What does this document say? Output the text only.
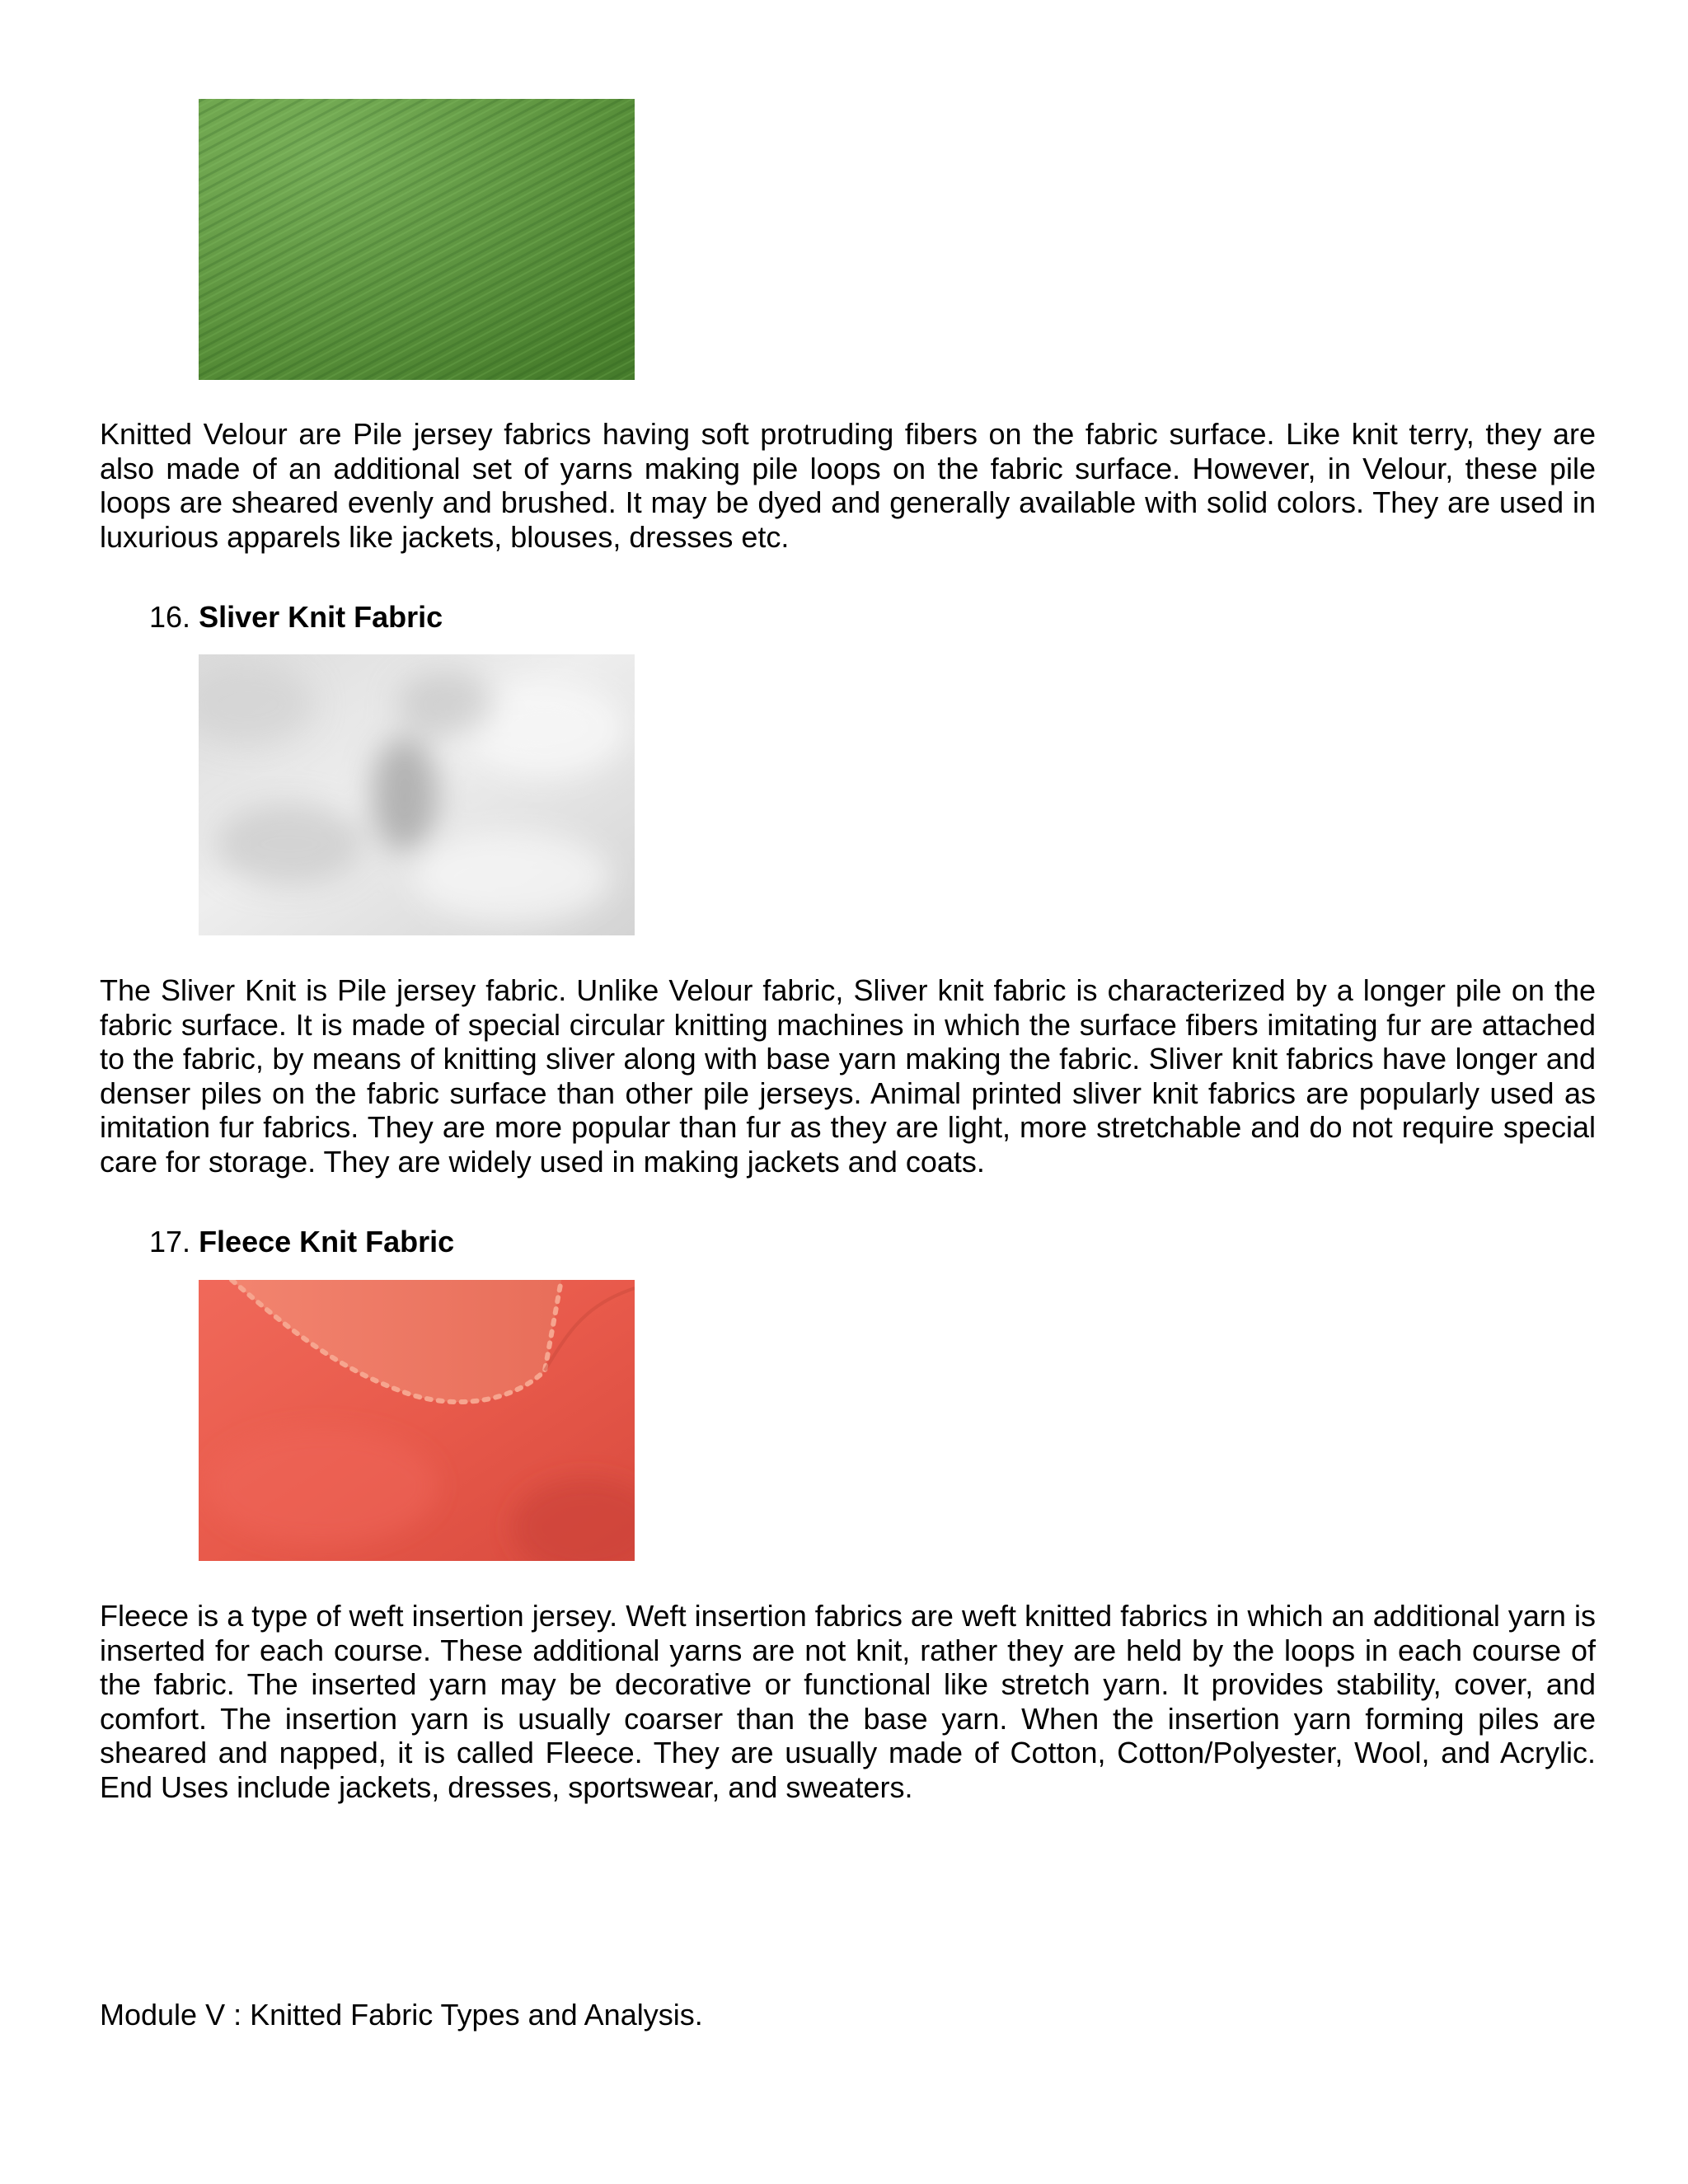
Knitted Velour are Pile jersey fabrics having soft protruding fibers on the fabric surface. Like knit terry, they are also made of an additional set of yarns making pile loops on the fabric surface. However, in Velour, these pile loops are sheared evenly and brushed. It may be dyed and generally available with solid colors. They are used in luxurious apparels like jackets, blouses, dresses etc.

16. Sliver Knit Fabric

The Sliver Knit is Pile jersey fabric. Unlike Velour fabric, Sliver knit fabric is characterized by a longer pile on the fabric surface. It is made of special circular knitting machines in which the surface fibers imitating fur are attached to the fabric, by means of knitting sliver along with base yarn making the fabric. Sliver knit fabrics have longer and denser piles on the fabric surface than other pile jerseys. Animal printed sliver knit fabrics are popularly used as imitation fur fabrics. They are more popular than fur as they are light, more stretchable and do not require special care for storage. They are widely used in making jackets and coats.

17. Fleece Knit Fabric

Fleece is a type of weft insertion jersey. Weft insertion fabrics are weft knitted fabrics in which an additional yarn is inserted for each course. These additional yarns are not knit, rather they are held by the loops in each course of the fabric. The inserted yarn may be decorative or functional like stretch yarn. It provides stability, cover, and comfort. The insertion yarn is usually coarser than the base yarn. When the insertion yarn forming piles are sheared and napped, it is called Fleece. They are usually made of Cotton, Cotton/Polyester, Wool, and Acrylic. End Uses include jackets, dresses, sportswear, and sweaters.

Module V : Knitted Fabric Types and Analysis.
